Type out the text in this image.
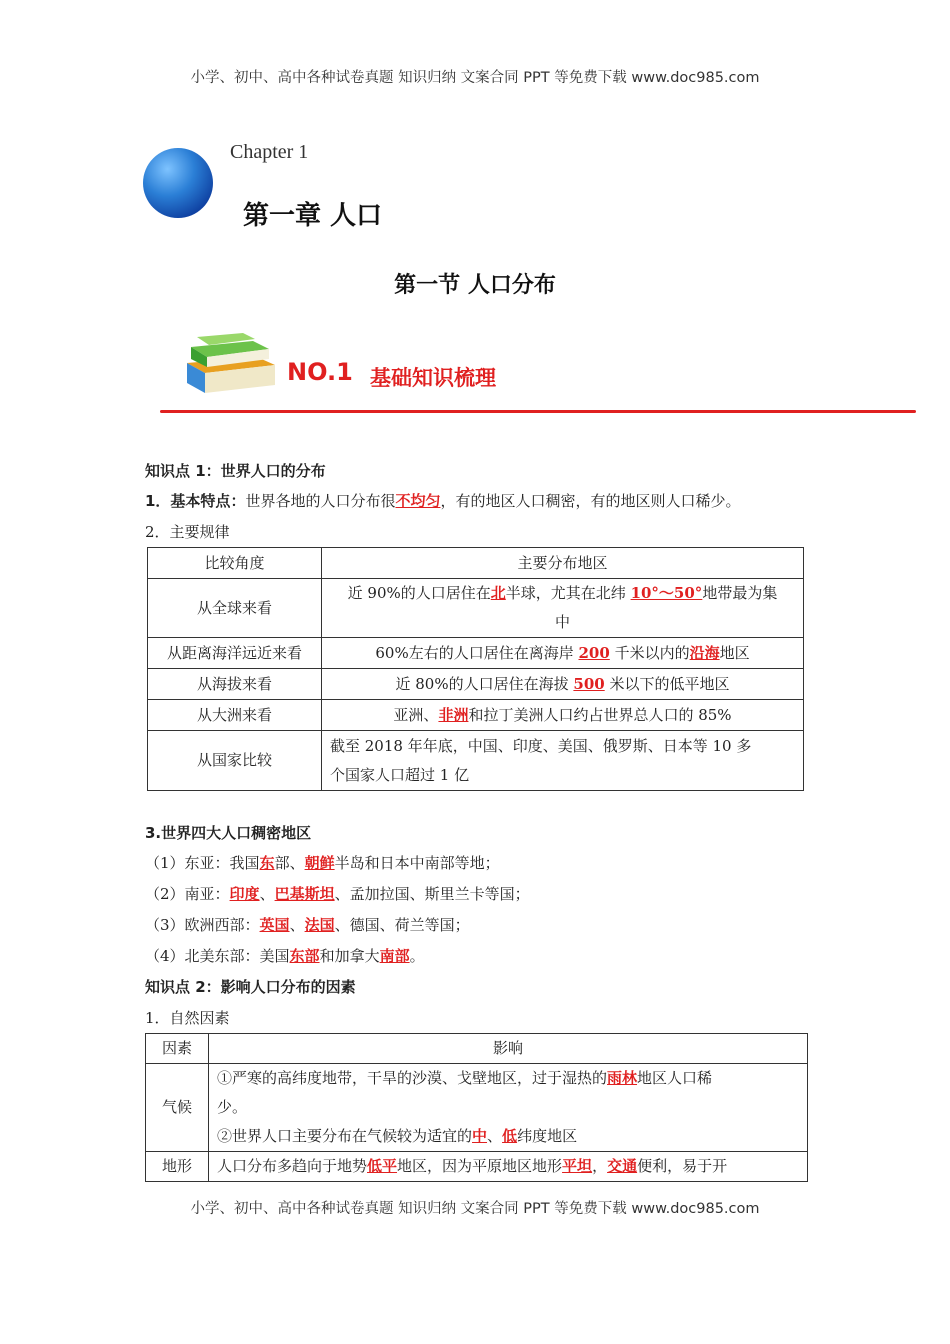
小学、初中、高中各种试卷真题 知识归纳 文案合同 PPT 等免费下载 www.doc985.com
Chapter 1
第一章 人口
第一节 人口分布
NO.1 基础知识梳理
知识点 1：世界人口的分布
1．基本特点：世界各地的人口分布很不均匀，有的地区人口稠密，有的地区则人口稀少。
2．主要规律
比较角度	主要分布地区
从全球来看	近 90%的人口居住在北半球，尤其在北纬 10°～50°地带最为集
中
从距离海洋远近来看	60%左右的人口居住在离海岸 200 千米以内的沿海地区
从海拔来看	近 80%的人口居住在海拔 500 米以下的低平地区
从大洲来看	亚洲、非洲和拉丁美洲人口约占世界总人口的 85%
从国家比较	截至 2018 年年底，中国、印度、美国、俄罗斯、日本等 10 多
个国家人口超过 1 亿
3.世界四大人口稠密地区
（1）东亚：我国东部、朝鲜半岛和日本中南部等地；
（2）南亚：印度、巴基斯坦、孟加拉国、斯里兰卡等国；
（3）欧洲西部：英国、法国、德国、荷兰等国；
（4）北美东部：美国东部和加拿大南部。
知识点 2：影响人口分布的因素
1．自然因素
因素	影响
气候	①严寒的高纬度地带，干旱的沙漠、戈壁地区，过于湿热的雨林地区人口稀
少。
②世界人口主要分布在气候较为适宜的中、低纬度地区
地形	人口分布多趋向于地势低平地区，因为平原地区地形平坦，交通便利，易于开
小学、初中、高中各种试卷真题 知识归纳 文案合同 PPT 等免费下载 www.doc985.com
